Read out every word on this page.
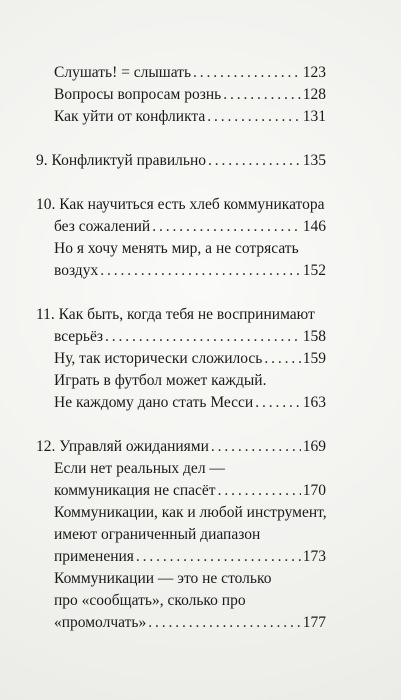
Слушать! = слышать . . .	123
Вопросы вопросам рознь . . .	128
Как уйти от конфликта . . .	131
9. Конфликтуй правильно . . .	135
10. Как научиться есть хлеб коммуникатора
без сожалений . . .	146
Но я хочу менять мир, а не сотрясать
воздух . . .	152
11. Как быть, когда тебя не воспринимают
всерьёз . . .	158
Ну, так исторически сложилось . . .	159
Играть в футбол может каждый.
Не каждому дано стать Месси . . .	163
12. Управляй ожиданиями . . .	169
Если нет реальных дел —
коммуникация не спасёт . . .	170
Коммуникации, как и любой инструмент,
имеют ограниченный диапазон
применения . . .	173
Коммуникации — это не столько
про «сообщать», сколько про
«промолчать» . . .	177
